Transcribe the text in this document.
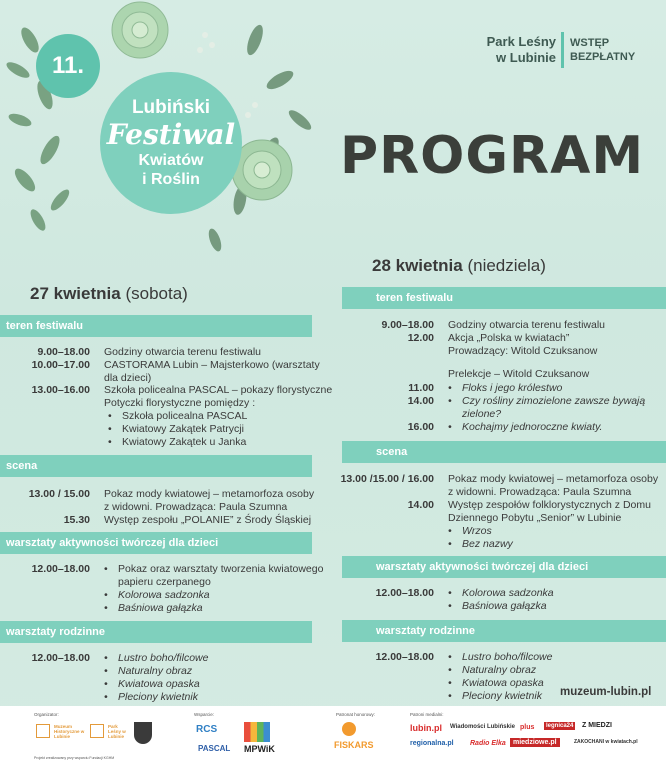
11.
Lubiński
Festiwal
Kwiatów
i Roślin
Park Leśny
w Lubinie
WSTĘP
BEZPŁATNY
PROGRAM
27 kwietnia (sobota)
teren festiwalu
9.00–18.00 Godziny otwarcia terenu festiwalu
10.00–17.00 CASTORAMA Lubin – Majsterkowo (warsztaty
dla dzieci)
13.00–16.00 Szkoła policealna PASCAL – pokazy florystyczne
Potyczki florystyczne pomiędzy :
• Szkoła policealna PASCAL
• Kwiatowy Zakątek Patrycji
• Kwiatowy Zakątek u Janka
scena
13.00 / 15.00 Pokaz mody kwiatowej – metamorfoza osoby
z widowni. Prowadząca: Paula Szumna
15.30 Występ zespołu „POLANIE” z Środy Śląskiej
warsztaty aktywności twórczej dla dzieci
12.00–18.00	• Pokaz oraz warsztaty tworzenia kwiatowego
papieru czerpanego
• Kolorowa sadzonka
• Baśniowa gałązka
warsztaty rodzinne
12.00–18.00	• Lustro boho/filcowe
• Naturalny obraz
• Kwiatowa opaska
• Pleciony kwietnik
28 kwietnia (niedziela)
teren festiwalu
9.00–18.00 Godziny otwarcia terenu festiwalu
12.00 Akcja „Polska w kwiatach”
Prowadzący: Witold Czuksanow
Prelekcje – Witold Czuksanow
11.00	• Floks i jego królestwo
14.00	• Czy rośliny zimozielone zawsze bywają
zielone?
16.00	• Kochajmy jednoroczne kwiaty.
scena
13.00 /15.00 / 16.00 Pokaz mody kwiatowej – metamorfoza osoby
z widowni. Prowadząca: Paula Szumna
14.00 Występ zespołów folklorystycznych z Domu
Dziennego Pobytu „Senior” w Lubinie
• Wrzos
• Bez nazwy
warsztaty aktywności twórczej dla dzieci
12.00–18.00	• Kolorowa sadzonka
• Baśniowa gałązka
warsztaty rodzinne
12.00–18.00	• Lustro boho/filcowe
• Naturalny obraz
• Kwiatowa opaska
• Pleciony kwietnik muzeum-lubin.pl
Organizator:	Wsparcie:	Patronat honorowy:	Patroni medialni:
Muzeum Historyczne w Lubinie
Park Leśny w Lubinie
RCS
PASCAL MPWiK	FISKARS
lubin.pl Wiadomości Lubińskie plus	legnica24 Z MIEDZI
regionalna.pl Radio Elka	miedziowe.pl	ZAKOCHANI w kwiatach.pl
Projekt zrealizowany przy wsparciu Fundacji KGHM
